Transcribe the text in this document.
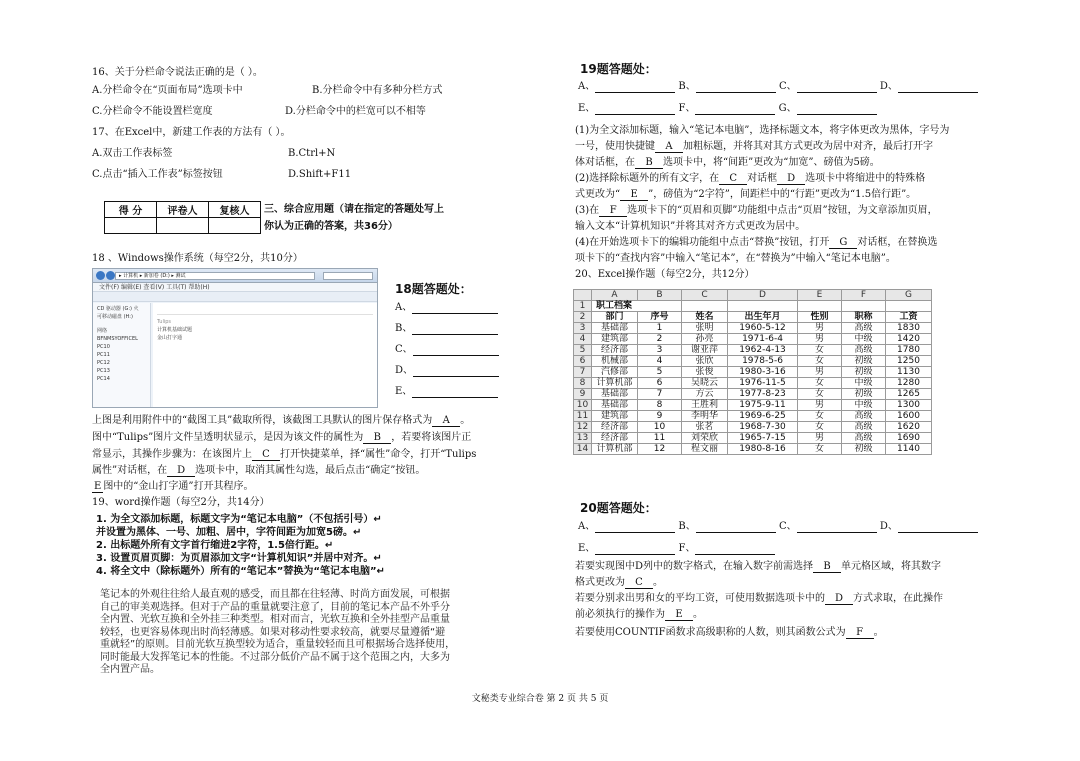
16、关于分栏命令说法正确的是（ ）。
A.分栏命令在“页面布局”选项卡中	B.分栏命令中有多种分栏方式
C.分栏命令不能设置栏宽度	D.分栏命令中的栏宽可以不相等
17、在Excel中，新建工作表的方法有（ ）。
A.双击工作表标签	B.Ctrl+N
C.点击“插入工作表”标签按钮	D.Shift+F11
得 分	评卷人	复核人
		三、综合应用题（请在指定的答题处写上
你认为正确的答案，共36分）
18 、Windows操作系统（每空2分，共10分）
▸ 计算机 ▸ 新加卷 (D:) ▸ 测试
文件(F) 编辑(E) 查看(V) 工具(T) 帮助(H)
CD 驱动器 (G:) 火
可移动磁盘 (H:)
网络
BFNMSYOFFICEL
PC10
PC11
PC12
PC13
PC14
Tulips
计算机基础试题
金山打字通
18题答题处：
A、
B、
C、
D、
E、
上图是利用附件中的“截图工具”截取所得，该截图工具默认的图片保存格式为 A 。
图中“Tulips”图片文件呈透明状显示，是因为该文件的属性为 B ，若要将该图片正
常显示，其操作步骤为：在该图片上 C 打开快捷菜单，择“属性”命令，打开“Tulips
属性”对话框，在 D 选项卡中，取消其属性勾选，最后点击“确定”按钮。
E 图中的“金山打字通”打开其程序。
19、word操作题（每空2分，共14分）
1. 为全文添加标题，标题文字为“笔记本电脑”（不包括引号）↵
并设置为黑体、一号、加粗、居中，字符间距为加宽5磅。↵
2. 出标题外所有文字首行缩进2字符，1.5倍行距。↵
3. 设置页眉页脚：为页眉添加文字“计算机知识”并居中对齐。↵
4. 将全文中（除标题外）所有的“笔记本”替换为“笔记本电脑”↵
笔记本的外观往往给人最直观的感受，而且都在往轻薄、时尚方面发展，可根据
自己的审美观选择。但对于产品的重量就要注意了，目前的笔记本产品不外乎分
全内置、光软互换和全外挂三种类型。相对而言，光软互换和全外挂型产品重量
较轻，也更容易体现出时尚轻薄感。如果对移动性要求较高，就要尽量遵循“避
重就轻”的原则。目前光软互换型较为适合，重量较轻而且可根据场合选择使用，
同时能最大发挥笔记本的性能。不过部分低价产品不属于这个范围之内，大多为
全内置产品。
19题答题处：
A、	B、	C、	D、
E、	F、	G、
(1)为全文添加标题，输入“笔记本电脑”，选择标题文本，将字体更改为黑体，字号为
一号，使用快捷键 A 加粗标题，并将其对其方式更改为居中对齐，最后打开字
体对话框，在 B 选项卡中，将“间距”更改为“加宽”、磅值为5磅。
(2)选择除标题外的所有文字，在 C 对话框 D 选项卡中将缩进中的特殊格
式更改为“ E ”，磅值为“2字符”，间距栏中的“行距”更改为“1.5倍行距”。
(3)在 F 选项卡下的“页眉和页脚”功能组中点击“页眉”按钮，为文章添加页眉，
输入文本“计算机知识”并将其对齐方式更改为居中。
(4)在开始选项卡下的编辑功能组中点击“替换”按钮，打开 G 对话框，在替换选
项卡下的“查找内容”中输入“笔记本”，在“替换为”中输入“笔记本电脑”。
20、Excel操作题（每空2分，共12分）
	A	B	C	D	E	F	G
1	职工档案						
2	部门	序号	姓名	出生年月	性别	职称	工资
3	基础部	1	张明	1960-5-12	男	高级	1830
4	建筑部	2	孙亮	1971-6-4	男	中级	1420
5	经济部	3	谢亚萍	1962-4-13	女	高级	1780
6	机械部	4	张欣	1978-5-6	女	初级	1250
7	汽修部	5	张俊	1980-3-16	男	初级	1130
8	计算机部	6	吴晓云	1976-11-5	女	中级	1280
9	基础部	7	方云	1977-8-23	女	初级	1265
10	基础部	8	王胜利	1975-9-11	男	中级	1300
11	建筑部	9	李明华	1969-6-25	女	高级	1600
12	经济部	10	张茗	1968-7-30	女	高级	1620
13	经济部	11	刘荣欣	1965-7-15	男	高级	1690
14	计算机部	12	程文丽	1980-8-16	女	初级	1140
20题答题处：
A、	B、	C、	D、
E、	F、
若要实现图中D列中的数字格式，在输入数字前需选择 B 单元格区域，将其数字
格式更改为 C 。
若要分别求出男和女的平均工资，可使用数据选项卡中的 D 方式求取，在此操作
前必须执行的操作为 E 。
若要使用COUNTIF函数求高级职称的人数，则其函数公式为 F 。
文秘类专业综合卷 第 2 页 共 5 页
